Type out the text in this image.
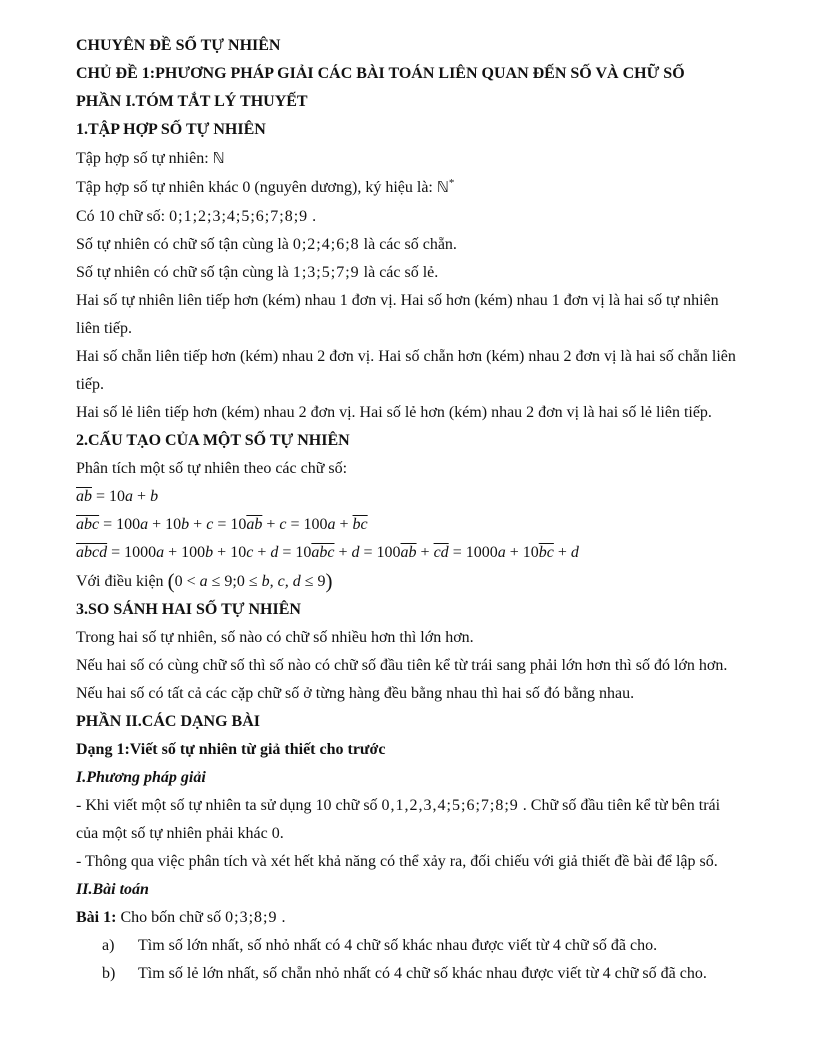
CHUYÊN ĐỀ SỐ TỰ NHIÊN

CHỦ ĐỀ 1:PHƯƠNG PHÁP GIẢI CÁC BÀI TOÁN LIÊN QUAN ĐẾN SỐ VÀ CHỮ SỐ

PHẦN I.TÓM TẮT LÝ THUYẾT

1.TẬP HỢP SỐ TỰ NHIÊN

Tập hợp số tự nhiên: ℕ

Tập hợp số tự nhiên khác 0 (nguyên dương), ký hiệu là: ℕ*

Có 10 chữ số: 0;1;2;3;4;5;6;7;8;9 .

Số tự nhiên có chữ số tận cùng là 0;2;4;6;8 là các số chẵn.

Số tự nhiên có chữ số tận cùng là 1;3;5;7;9 là các số lẻ.

Hai số tự nhiên liên tiếp hơn (kém) nhau 1 đơn vị. Hai số hơn (kém) nhau 1 đơn vị là hai số tự nhiên liên tiếp.

Hai số chẵn liên tiếp hơn (kém) nhau 2 đơn vị. Hai số chẵn hơn (kém) nhau 2 đơn vị là hai số chẵn liên tiếp.

Hai số lẻ liên tiếp hơn (kém) nhau 2 đơn vị. Hai số lẻ hơn (kém) nhau 2 đơn vị là hai số lẻ liên tiếp.

2.CẤU TẠO CỦA MỘT SỐ TỰ NHIÊN

Phân tích một số tự nhiên theo các chữ số:

$\overline{ab} = 10a + b$

$\overline{abc} = 100a + 10b + c = 10\overline{ab} + c = 100a + \overline{bc}$

abcd = $1000a + 100b + 10c + d = 10\overline{abc} + d = 100\overline{ab} + \overline{cd} = 1000a + 10\overline{bc} + d$

Với điều kiện (0 < a ≤ 9;0 ≤ b, c, d ≤ 9)

3.SO SÁNH HAI SỐ TỰ NHIÊN

Trong hai số tự nhiên, số nào có chữ số nhiều hơn thì lớn hơn.

Nếu hai số có cùng chữ số thì số nào có chữ số đầu tiên kể từ trái sang phải lớn hơn thì số đó lớn hơn. Nếu hai số có tất cả các cặp chữ số ở từng hàng đều bằng nhau thì hai số đó bằng nhau.

PHẦN II.CÁC DẠNG BÀI

Dạng 1:Viết số tự nhiên từ giả thiết cho trước

I.Phương pháp giải

- Khi viết một số tự nhiên ta sử dụng 10 chữ số 0,1,2,3,4;5;6;7;8;9 . Chữ số đầu tiên kể từ bên trái của một số tự nhiên phải khác 0.

- Thông qua việc phân tích và xét hết khả năng có thể xảy ra, đối chiếu với giả thiết đề bài để lập số.

II.Bài toán

Bài 1: Cho bốn chữ số 0;3;8;9 .

a) Tìm số lớn nhất, số nhỏ nhất có 4 chữ số khác nhau được viết từ 4 chữ số đã cho.

b) Tìm số lẻ lớn nhất, số chẵn nhỏ nhất có 4 chữ số khác nhau được viết từ 4 chữ số đã cho.
